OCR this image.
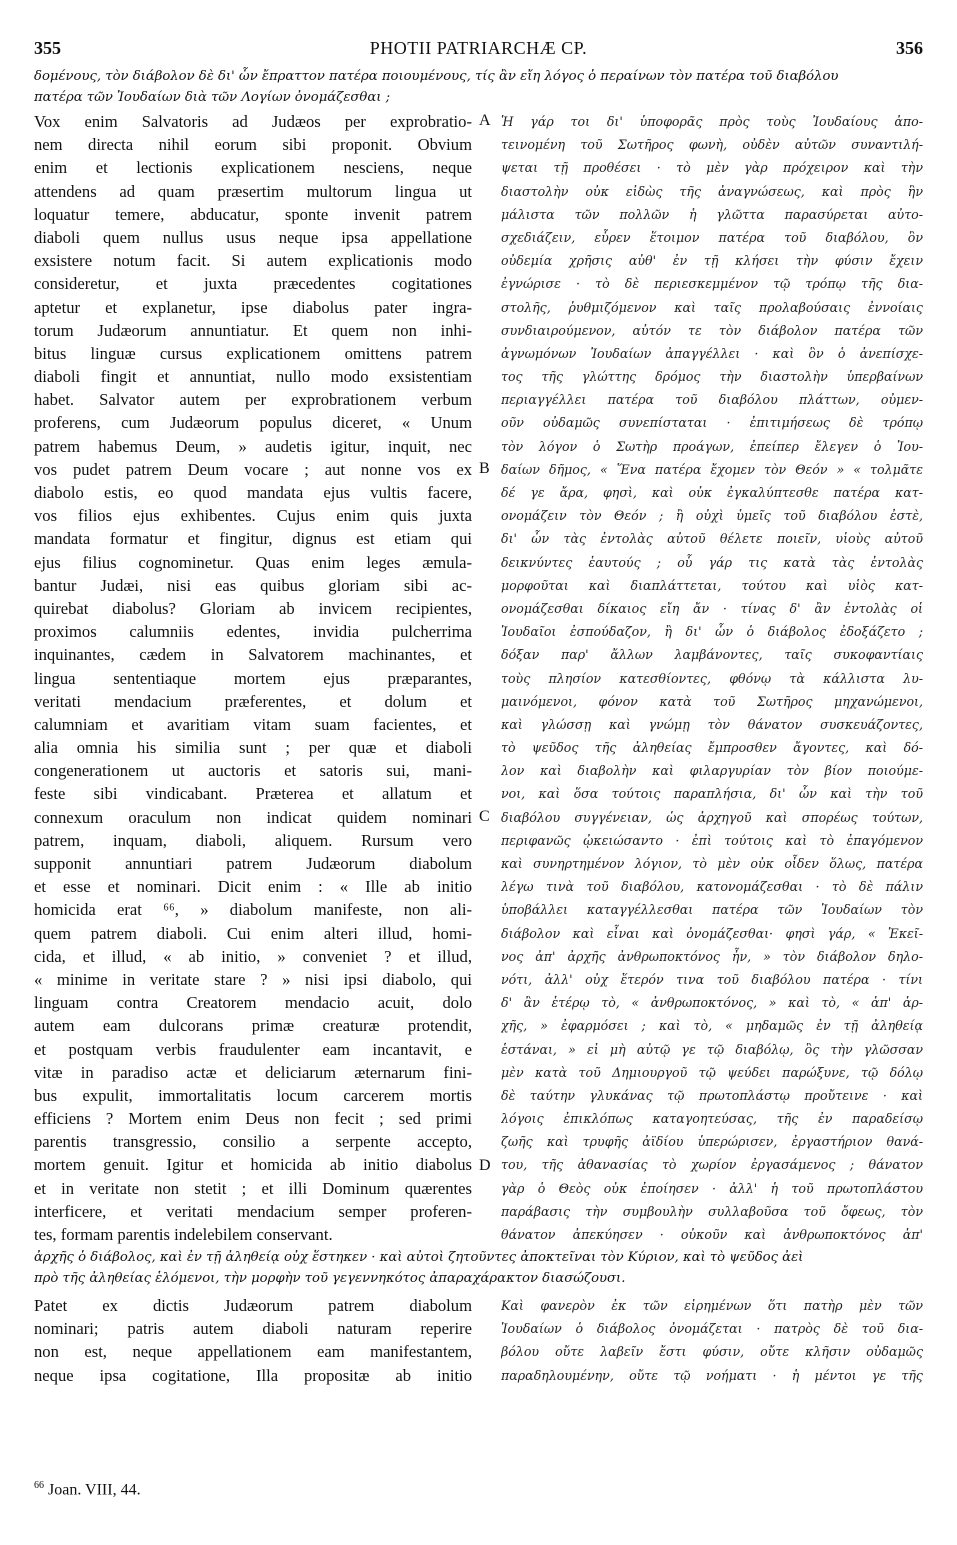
355	PHOTII PATRIARCHÆ CP.	356
δομένους, τὸν διάβολον δὲ δι' ὧν ἔπραττον πατέρα ποιουμένους, τίς ἂν εἴη λόγος ὁ περαίνων τὸν πατέρα τοῦ διαβόλου
πατέρα τῶν Ἰουδαίων διὰ τῶν Λογίων ὀνομάζεσθαι ;
Vox enim Salvatoris ad Judæos per exprobratio-
nem directa nihil eorum sibi proponit. Obvium
enim et lectionis explicationem nesciens, neque
attendens ad quam præsertim multorum lingua ut
loquatur temere, abducatur, sponte invenit patrem
diaboli quem nullus usus neque ipsa appellatione
exsistere notum facit. Si autem explicationis modo
consideretur, et juxta præcedentes cogitationes
aptetur et explanetur, ipse diabolus pater ingra-
torum Judæorum annuntiatur. Et quem non inhi-
bitus linguæ cursus explicationem omittens patrem
diaboli fingit et annuntiat, nullo modo exsistentiam
habet. Salvator autem per exprobrationem verbum
proferens, cum Judæorum populus diceret, « Unum
patrem habemus Deum, » audetis igitur, inquit, nec
vos pudet patrem Deum vocare ; aut nonne vos ex
diabolo estis, eo quod mandata ejus vultis facere,
vos filios ejus exhibentes. Cujus enim quis juxta
mandata formatur et fingitur, dignus est etiam qui
ejus filius cognominetur. Quas enim leges æmula-
bantur Judæi, nisi eas quibus gloriam sibi ac-
quirebat diabolus? Gloriam ab invicem recipientes,
proximos calumniis edentes, invidia pulcherrima
inquinantes, cædem in Salvatorem machinantes, et
lingua sententiaque mortem ejus præparantes,
veritati mendacium præferentes, et dolum et
calumniam et avaritiam vitam suam facientes, et
alia omnia his similia sunt ; per quæ et diaboli
congenerationem ut auctoris et satoris sui, mani-
feste sibi vindicabant. Præterea et allatum et
connexum oraculum non indicat quidem nominari
patrem, inquam, diaboli, aliquem. Rursum vero
supponit annuntiari patrem Judæorum diabolum
et esse et nominari. Dicit enim : « Ille ab initio
homicida erat ⁶⁶, » diabolum manifeste, non ali-
quem patrem diaboli. Cui enim alteri illud, homi-
cida, et illud, « ab initio, » conveniet ? et illud,
« minime in veritate stare ? » nisi ipsi diabolo, qui
linguam contra Creatorem mendacio acuit, dolo
autem eam dulcorans primæ creaturæ protendit,
et postquam verbis fraudulenter eam incantavit, e
vitæ in paradiso actæ et deliciarum æternarum fini-
bus expulit, immortalitatis locum carcerem mortis
efficiens ? Mortem enim Deus non fecit ; sed primi
parentis transgressio, consilio a serpente accepto,
mortem genuit. Igitur et homicida ab initio diabolus
et in veritate non stetit ; et illi Dominum quærentes
interficere, et veritati mendacium semper proferen-
tes, formam parentis indelebilem conservant.
Ἡ γάρ τοι δι' ὑποφορᾶς πρὸς τοὺς Ἰουδαίους ἀπο-
τεινομένη τοῦ Σωτῆρος φωνὴ, οὐδὲν αὐτῶν συναντιλή-
ψεται τῇ προθέσει · τὸ μὲν γὰρ πρόχειρον καὶ τὴν
διαστολὴν οὐκ εἰδὼς τῆς ἀναγνώσεως, καὶ πρὸς ἣν
μάλιστα τῶν πολλῶν ἡ γλῶττα παρασύρεται αὐτο-
σχεδιάζειν, εὗρεν ἕτοιμον πατέρα τοῦ διαβόλου, ὃν
οὐδεμία χρῆσις αὐθ' ἐν τῇ κλήσει τὴν φύσιν ἔχειν
ἐγνώρισε · τὸ δὲ περιεσκεμμένον τῷ τρόπῳ τῆς δια-
στολῆς, ῥυθμιζόμενον καὶ ταῖς προλαβούσαις ἐννοίαις
συνδιαιρούμενον, αὐτόν τε τὸν διάβολον πατέρα τῶν
ἀγνωμόνων Ἰουδαίων ἀπαγγέλλει · καὶ ὃν ὁ ἀνεπίσχε-
τος τῆς γλώττης δρόμος τὴν διαστολὴν ὑπερβαίνων
περιαγγέλλει πατέρα τοῦ διαβόλου πλάττων, οὐμεν-
οῦν οὐδαμῶς συνεπίσταται · ἐπιτιμήσεως δὲ τρόπῳ
τὸν λόγον ὁ Σωτὴρ προάγων, ἐπείπερ ἔλεγεν ὁ Ἰου-
δαίων δῆμος, « Ἕνα πατέρα ἔχομεν τὸν Θεόν » « τολμᾶτε
δέ γε ἄρα, φησὶ, καὶ οὐκ ἐγκαλύπτεσθε πατέρα κατ-
ονομάζειν τὸν Θεόν ; ἢ οὐχὶ ὑμεῖς τοῦ διαβόλου ἐστὲ,
δι' ὧν τὰς ἐντολὰς αὐτοῦ θέλετε ποιεῖν, υἱοὺς αὐτοῦ
δεικνύντες ἑαυτούς ; οὗ γάρ τις κατὰ τὰς ἐντολὰς
μορφοῦται καὶ διαπλάττεται, τούτου καὶ υἱὸς κατ-
ονομάζεσθαι δίκαιος εἴη ἄν · τίνας δ' ἂν ἐντολὰς οἱ
Ἰουδαῖοι ἐσπούδαζον, ἢ δι' ὧν ὁ διάβολος ἐδοξάζετο ;
δόξαν παρ' ἄλλων λαμβάνοντες, ταῖς συκοφαντίαις
τοὺς πλησίον κατεσθίοντες, φθόνῳ τὰ κάλλιστα λυ-
μαινόμενοι, φόνον κατὰ τοῦ Σωτῆρος μηχανώμενοι,
καὶ γλώσσῃ καὶ γνώμῃ τὸν θάνατον συσκευάζοντες,
τὸ ψεῦδος τῆς ἀληθείας ἔμπροσθεν ἄγοντες, καὶ δό-
λον καὶ διαβολὴν καὶ φιλαργυρίαν τὸν βίον ποιούμε-
νοι, καὶ ὅσα τούτοις παραπλήσια, δι' ὧν καὶ τὴν τοῦ
διαβόλου συγγένειαν, ὡς ἀρχηγοῦ καὶ σπορέως τούτων,
περιφανῶς ᾠκειώσαντο · ἐπὶ τούτοις καὶ τὸ ἐπαγόμενον
καὶ συνηρτημένον λόγιον, τὸ μὲν οὐκ οἶδεν ὅλως, πατέρα
λέγω τινὰ τοῦ διαβόλου, κατονομάζεσθαι · τὸ δὲ πάλιν
ὑποβάλλει καταγγέλλεσθαι πατέρα τῶν Ἰουδαίων τὸν
διάβολον καὶ εἶναι καὶ ὀνομάζεσθαι· φησὶ γάρ, « Ἐκεῖ-
νος ἀπ' ἀρχῆς ἀνθρωποκτόνος ἦν, » τὸν διάβολον δηλο-
νότι, ἀλλ' οὐχ ἕτερόν τινα τοῦ διαβόλου πατέρα · τίνι
δ' ἂν ἑτέρῳ τὸ, « ἀνθρωποκτόνος, » καὶ τὸ, « ἀπ' ἀρ-
χῆς, » ἐφαρμόσει ; καὶ τὸ, « μηδαμῶς ἐν τῇ ἀληθείᾳ
ἑστάναι, » εἰ μὴ αὐτῷ γε τῷ διαβόλῳ, ὃς τὴν γλῶσσαν
μὲν κατὰ τοῦ Δημιουργοῦ τῷ ψεύδει παρώξυνε, τῷ δόλῳ
δὲ ταύτην γλυκάνας τῷ πρωτοπλάστῳ προὔτεινε · καὶ
λόγοις ἐπικλόπως καταγοητεύσας, τῆς ἐν παραδείσῳ
ζωῆς καὶ τρυφῆς ἀϊδίου ὑπερώρισεν, ἐργαστήριον θανά-
του, τῆς ἀθανασίας τὸ χωρίον ἐργασάμενος ; θάνατον
γὰρ ὁ Θεὸς οὐκ ἐποίησεν · ἀλλ' ἡ τοῦ πρωτοπλάστου
παράβασις τὴν συμβουλὴν συλλαβοῦσα τοῦ ὄφεως, τὸν
θάνατον ἀπεκύησεν · οὐκοῦν καὶ ἀνθρωποκτόνος ἀπ'
A
B
C
D
ἀρχῆς ὁ διάβολος, καὶ ἐν τῇ ἀληθείᾳ οὐχ ἕστηκεν · καὶ αὐτοὶ ζητοῦντες ἀποκτεῖναι τὸν Κύριον, καὶ τὸ ψεῦδος ἀεὶ
πρὸ τῆς ἀληθείας ἑλόμενοι, τὴν μορφὴν τοῦ γεγεννηκότος ἀπαραχάρακτον διασώζουσι.
Patet ex dictis Judæorum patrem diabolum
nominari; patris autem diaboli naturam reperire
non est, neque appellationem eam manifestantem,
neque ipsa cogitatione, Illa propositæ ab initio
Καὶ φανερὸν ἐκ τῶν εἰρημένων ὅτι πατὴρ μὲν τῶν
Ἰουδαίων ὁ διάβολος ὀνομάζεται · πατρὸς δὲ τοῦ δια-
βόλου οὔτε λαβεῖν ἔστι φύσιν, οὔτε κλῆσιν οὐδαμῶς
παραδηλουμένην, οὔτε τῷ νοήματι · ἡ μέντοι γε τῆς
$^{66}$ Joan. VIII, 44.
